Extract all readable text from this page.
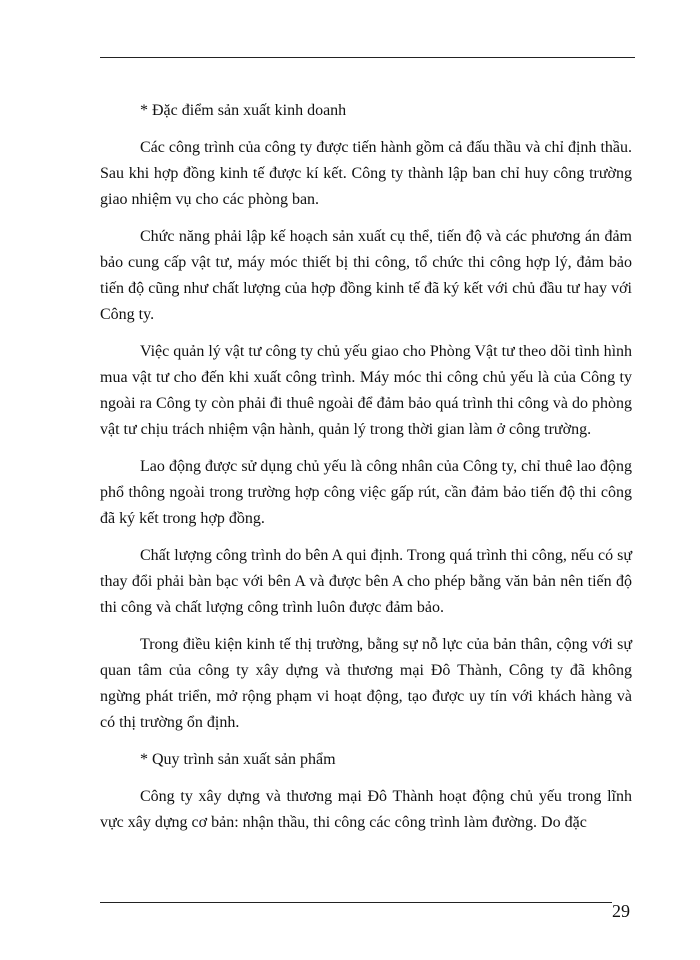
* Đặc điểm sản xuất kinh doanh

Các công trình của công ty được tiến hành gồm cả đấu thầu và chỉ định thầu. Sau khi hợp đồng kinh tế được kí kết. Công ty thành lập ban chỉ huy công trường giao nhiệm vụ cho các phòng ban.

Chức năng phải lập kế hoạch sản xuất cụ thể, tiến độ và các phương án đảm bảo cung cấp vật tư, máy móc thiết bị thi công, tổ chức thi công hợp lý, đảm bảo tiến độ cũng như chất lượng của hợp đồng kinh tế đã ký kết với chủ đầu tư hay với Công ty.

Việc quản lý vật tư công ty chủ yếu giao cho Phòng Vật tư theo dõi tình hình mua vật tư cho đến khi xuất công trình. Máy móc thi công chủ yếu là của Công ty ngoài ra Công ty còn phải đi thuê ngoài để đảm bảo quá trình thi công và do phòng vật tư chịu trách nhiệm vận hành, quản lý trong thời gian làm ở công trường.

Lao động được sử dụng chủ yếu là công nhân của Công ty, chỉ thuê lao động phổ thông ngoài trong trường hợp công việc gấp rút, cần đảm bảo tiến độ thi công đã ký kết trong hợp đồng.

Chất lượng công trình do bên A qui định. Trong quá trình thi công, nếu có sự thay đổi phải bàn bạc với bên A và được bên A cho phép bằng văn bản nên tiến độ thi công và chất lượng công trình luôn được đảm bảo.

Trong điều kiện kinh tế thị trường, bằng sự nỗ lực của bản thân, cộng với sự quan tâm của công ty xây dựng và thương mại Đô Thành, Công ty đã không ngừng phát triển, mở rộng phạm vi hoạt động, tạo được uy tín với khách hàng và có thị trường ổn định.

* Quy trình sản xuất sản phẩm

Công ty xây dựng và thương mại Đô Thành hoạt động chủ yếu trong lĩnh vực xây dựng cơ bản: nhận thầu, thi công các công trình làm đường. Do đặc

29
